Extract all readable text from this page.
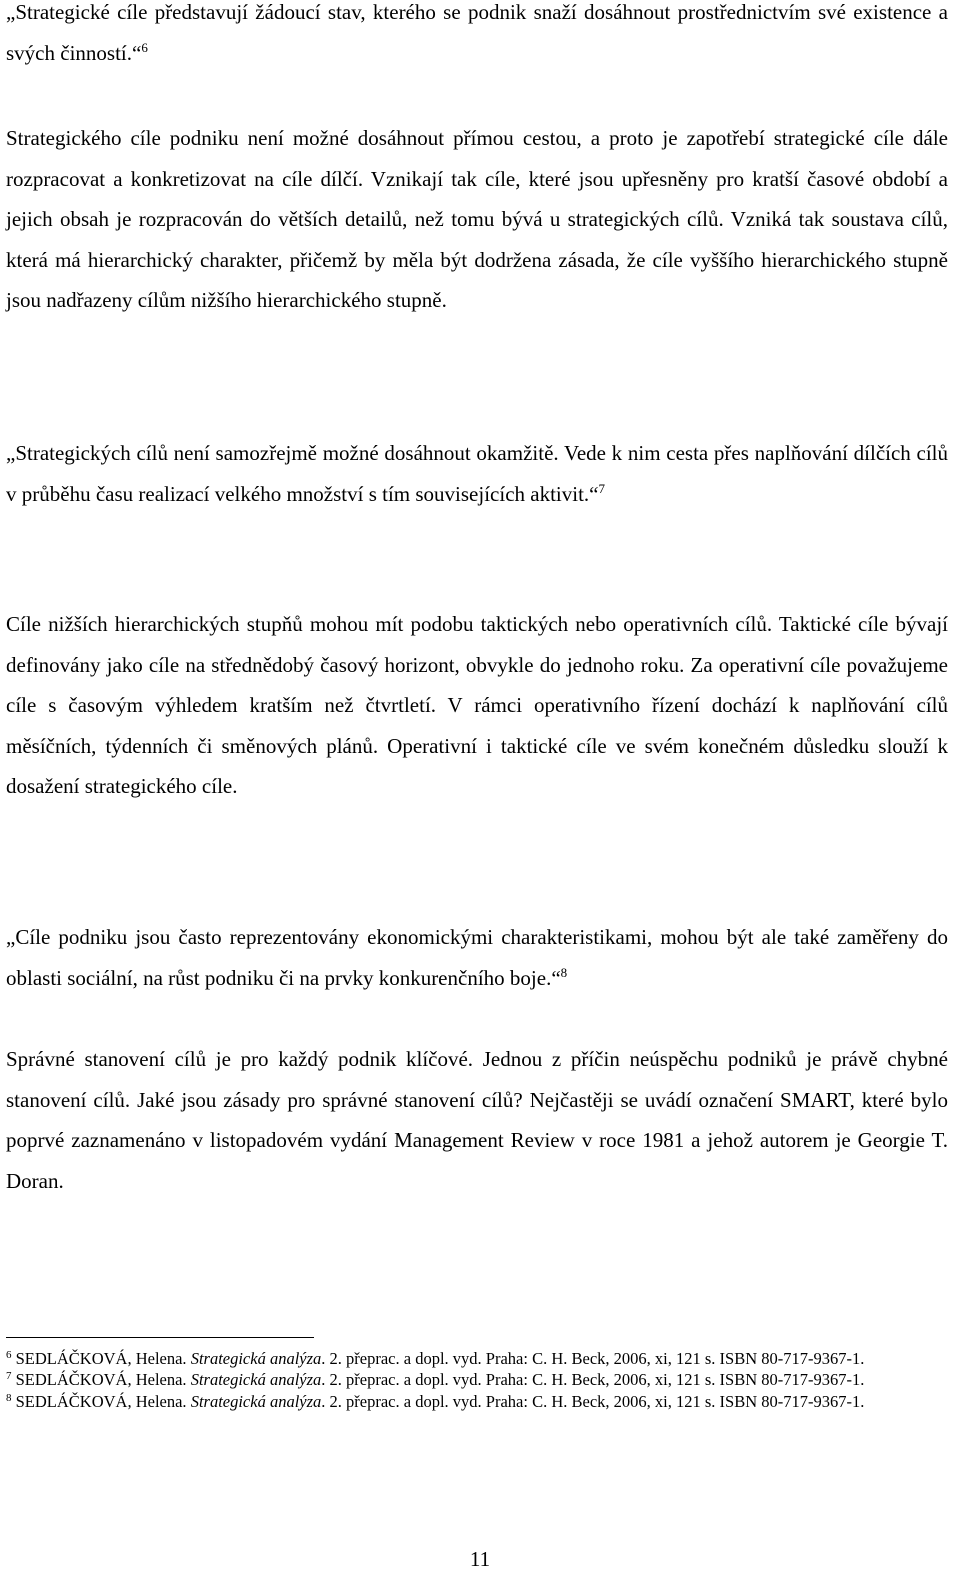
„Strategické cíle představují žádoucí stav, kterého se podnik snaží dosáhnout prostřednictvím své existence a svých činností.“$^6$

Strategického cíle podniku není možné dosáhnout přímou cestou, a proto je zapotřebí strategické cíle dále rozpracovat a konkretizovat na cíle dílčí. Vznikají tak cíle, které jsou upřesněny pro kratší časové období a jejich obsah je rozpracován do větších detailů, než tomu bývá u strategických cílů. Vzniká tak soustava cílů, která má hierarchický charakter, přičemž by měla být dodržena zásada, že cíle vyššího hierarchického stupně jsou nadřazeny cílům nižšího hierarchického stupně.

„Strategických cílů není samozřejmě možné dosáhnout okamžitě. Vede k nim cesta přes naplňování dílčích cílů v průběhu času realizací velkého množství s tím souvisejících aktivit.“$^7$

Cíle nižších hierarchických stupňů mohou mít podobu taktických nebo operativních cílů. Taktické cíle bývají definovány jako cíle na střednědobý časový horizont, obvykle do jednoho roku. Za operativní cíle považujeme cíle s časovým výhledem kratším než čtvrtletí. V rámci operativního řízení dochází k naplňování cílů měsíčních, týdenních či směnových plánů. Operativní i taktické cíle ve svém konečném důsledku slouží k dosažení strategického cíle.

„Cíle podniku jsou často reprezentovány ekonomickými charakteristikami, mohou být ale také zaměřeny do oblasti sociální, na růst podniku či na prvky konkurenčního boje.“$^8$

Správné stanovení cílů je pro každý podnik klíčové. Jednou z příčin neúspěchu podniků je právě chybné stanovení cílů. Jaké jsou zásady pro správné stanovení cílů? Nejčastěji se uvádí označení SMART, které bylo poprvé zaznamenáno v listopadovém vydání Management Review v roce 1981 a jehož autorem je Georgie T. Doran.

$^6$ SEDLÁČKOVÁ, Helena. Strategická analýza. 2. přeprac. a dopl. vyd. Praha: C. H. Beck, 2006, xi, 121 s. ISBN 80-717-9367-1.

$^7$ SEDLÁČKOVÁ, Helena. Strategická analýza. 2. přeprac. a dopl. vyd. Praha: C. H. Beck, 2006, xi, 121 s. ISBN 80-717-9367-1.

$^8$ SEDLÁČKOVÁ, Helena. Strategická analýza. 2. přeprac. a dopl. vyd. Praha: C. H. Beck, 2006, xi, 121 s. ISBN 80-717-9367-1.

11
